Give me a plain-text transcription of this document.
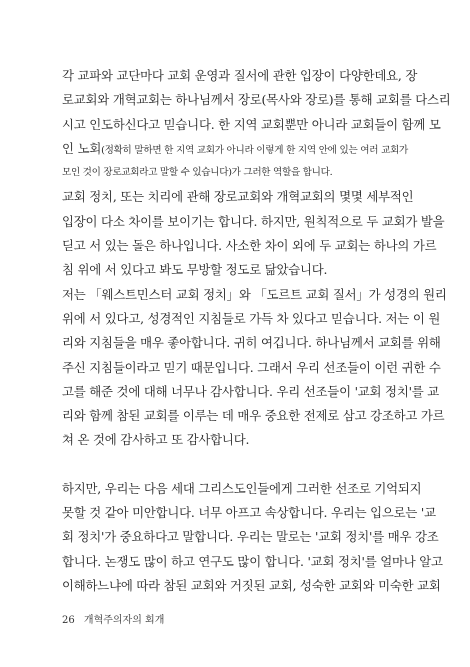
각 교파와 교단마다 교회 운영과 질서에 관한 입장이 다양한데요, 장
로교회와 개혁교회는 하나님께서 장로(목사와 장로)를 통해 교회를 다스리
시고 인도하신다고 믿습니다. 한 지역 교회뿐만 아니라 교회들이 함께 모
인 노회(정확히 말하면 한 지역 교회가 아니라 이렇게 한 지역 안에 있는 여러 교회가
모인 것이 장로교회라고 말할 수 있습니다)가 그러한 역할을 합니다.
교회 정치, 또는 치리에 관해 장로교회와 개혁교회의 몇몇 세부적인
입장이 다소 차이를 보이기는 합니다. 하지만, 원칙적으로 두 교회가 발을
딛고 서 있는 돌은 하나입니다. 사소한 차이 외에 두 교회는 하나의 가르
침 위에 서 있다고 봐도 무방할 정도로 닮았습니다.
저는 「웨스트민스터 교회 정치」와 「도르트 교회 질서」가 성경의 원리
위에 서 있다고, 성경적인 지침들로 가득 차 있다고 믿습니다. 저는 이 원
리와 지침들을 매우 좋아합니다. 귀히 여깁니다. 하나님께서 교회를 위해
주신 지침들이라고 믿기 때문입니다. 그래서 우리 선조들이 이런 귀한 수
고를 해준 것에 대해 너무나 감사합니다. 우리 선조들이 '교회 정치'를 교
리와 함께 참된 교회를 이루는 데 매우 중요한 전제로 삼고 강조하고 가르
쳐 온 것에 감사하고 또 감사합니다.
하지만, 우리는 다음 세대 그리스도인들에게 그러한 선조로 기억되지
못할 것 같아 미안합니다. 너무 아프고 속상합니다. 우리는 입으로는 '교
회 정치'가 중요하다고 말합니다. 우리는 말로는 '교회 정치'를 매우 강조
합니다. 논쟁도 많이 하고 연구도 많이 합니다. '교회 정치'를 얼마나 알고
이해하느냐에 따라 참된 교회와 거짓된 교회, 성숙한 교회와 미숙한 교회
26 개혁주의자의 회개
